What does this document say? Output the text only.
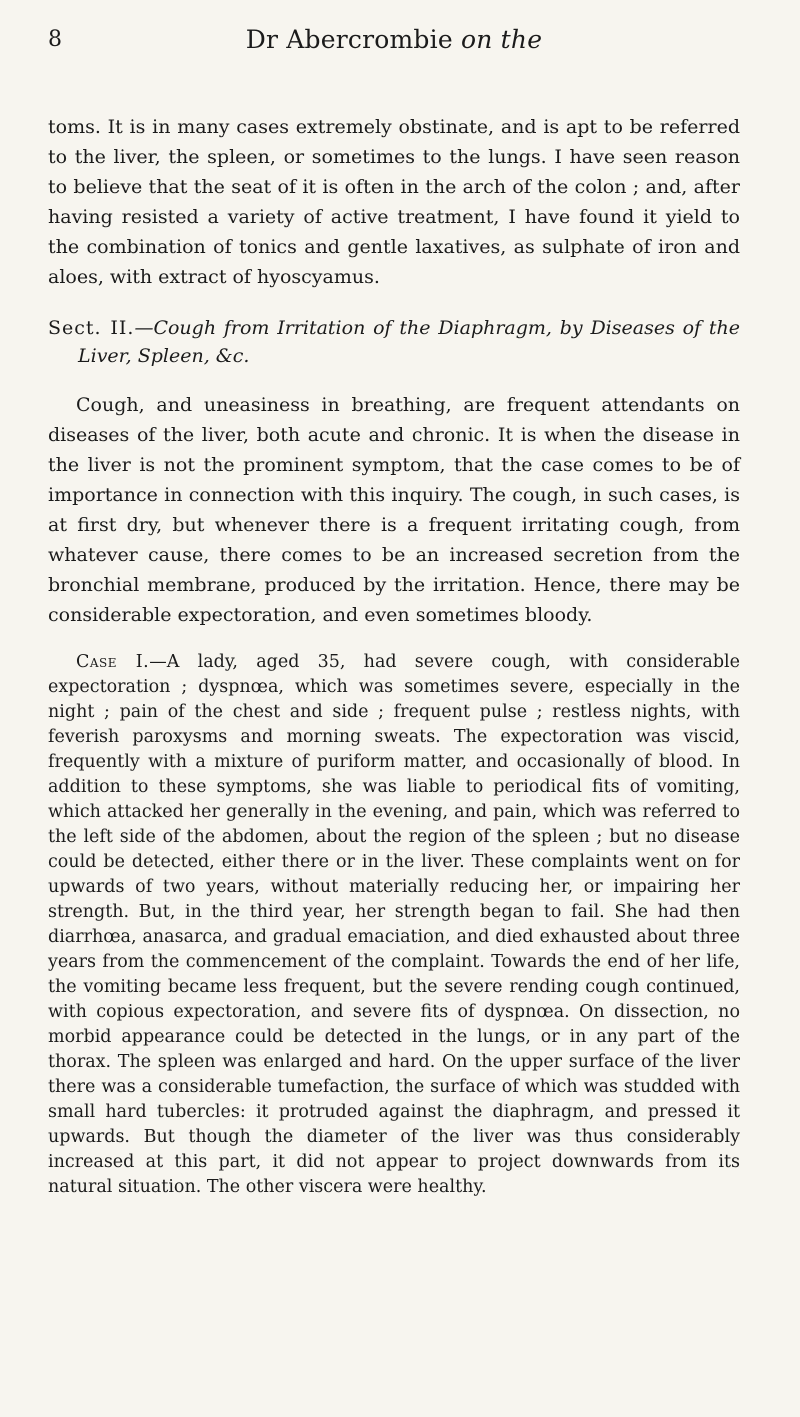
8	Dr Abercrombie on the

toms. It is in many cases extremely obstinate, and is apt to be referred to the liver, the spleen, or sometimes to the lungs. I have seen reason to believe that the seat of it is often in the arch of the colon ; and, after having resisted a variety of active treatment, I have found it yield to the combination of tonics and gentle laxatives, as sulphate of iron and aloes, with extract of hyoscyamus.

Sect. II.—Cough from Irritation of the Diaphragm, by Diseases of the Liver, Spleen, &c.

Cough, and uneasiness in breathing, are frequent attendants on diseases of the liver, both acute and chronic. It is when the disease in the liver is not the prominent symptom, that the case comes to be of importance in connection with this inquiry. The cough, in such cases, is at first dry, but whenever there is a frequent irritating cough, from whatever cause, there comes to be an increased secretion from the bronchial membrane, produced by the irritation. Hence, there may be considerable expectoration, and even sometimes bloody.

Case I.—A lady, aged 35, had severe cough, with considerable expectoration ; dyspnœa, which was sometimes severe, especially in the night ; pain of the chest and side ; frequent pulse ; restless nights, with feverish paroxysms and morning sweats. The expectoration was viscid, frequently with a mixture of puriform matter, and occasionally of blood. In addition to these symptoms, she was liable to periodical fits of vomiting, which attacked her generally in the evening, and pain, which was referred to the left side of the abdomen, about the region of the spleen ; but no disease could be detected, either there or in the liver. These complaints went on for upwards of two years, without materially reducing her, or impairing her strength. But, in the third year, her strength began to fail. She had then diarrhœa, anasarca, and gradual emaciation, and died exhausted about three years from the commencement of the complaint. Towards the end of her life, the vomiting became less frequent, but the severe rending cough continued, with copious expectoration, and severe fits of dyspnœa. On dissection, no morbid appearance could be detected in the lungs, or in any part of the thorax. The spleen was enlarged and hard. On the upper surface of the liver there was a considerable tumefaction, the surface of which was studded with small hard tubercles: it protruded against the diaphragm, and pressed it upwards. But though the diameter of the liver was thus considerably increased at this part, it did not appear to project downwards from its natural situation. The other viscera were healthy.
